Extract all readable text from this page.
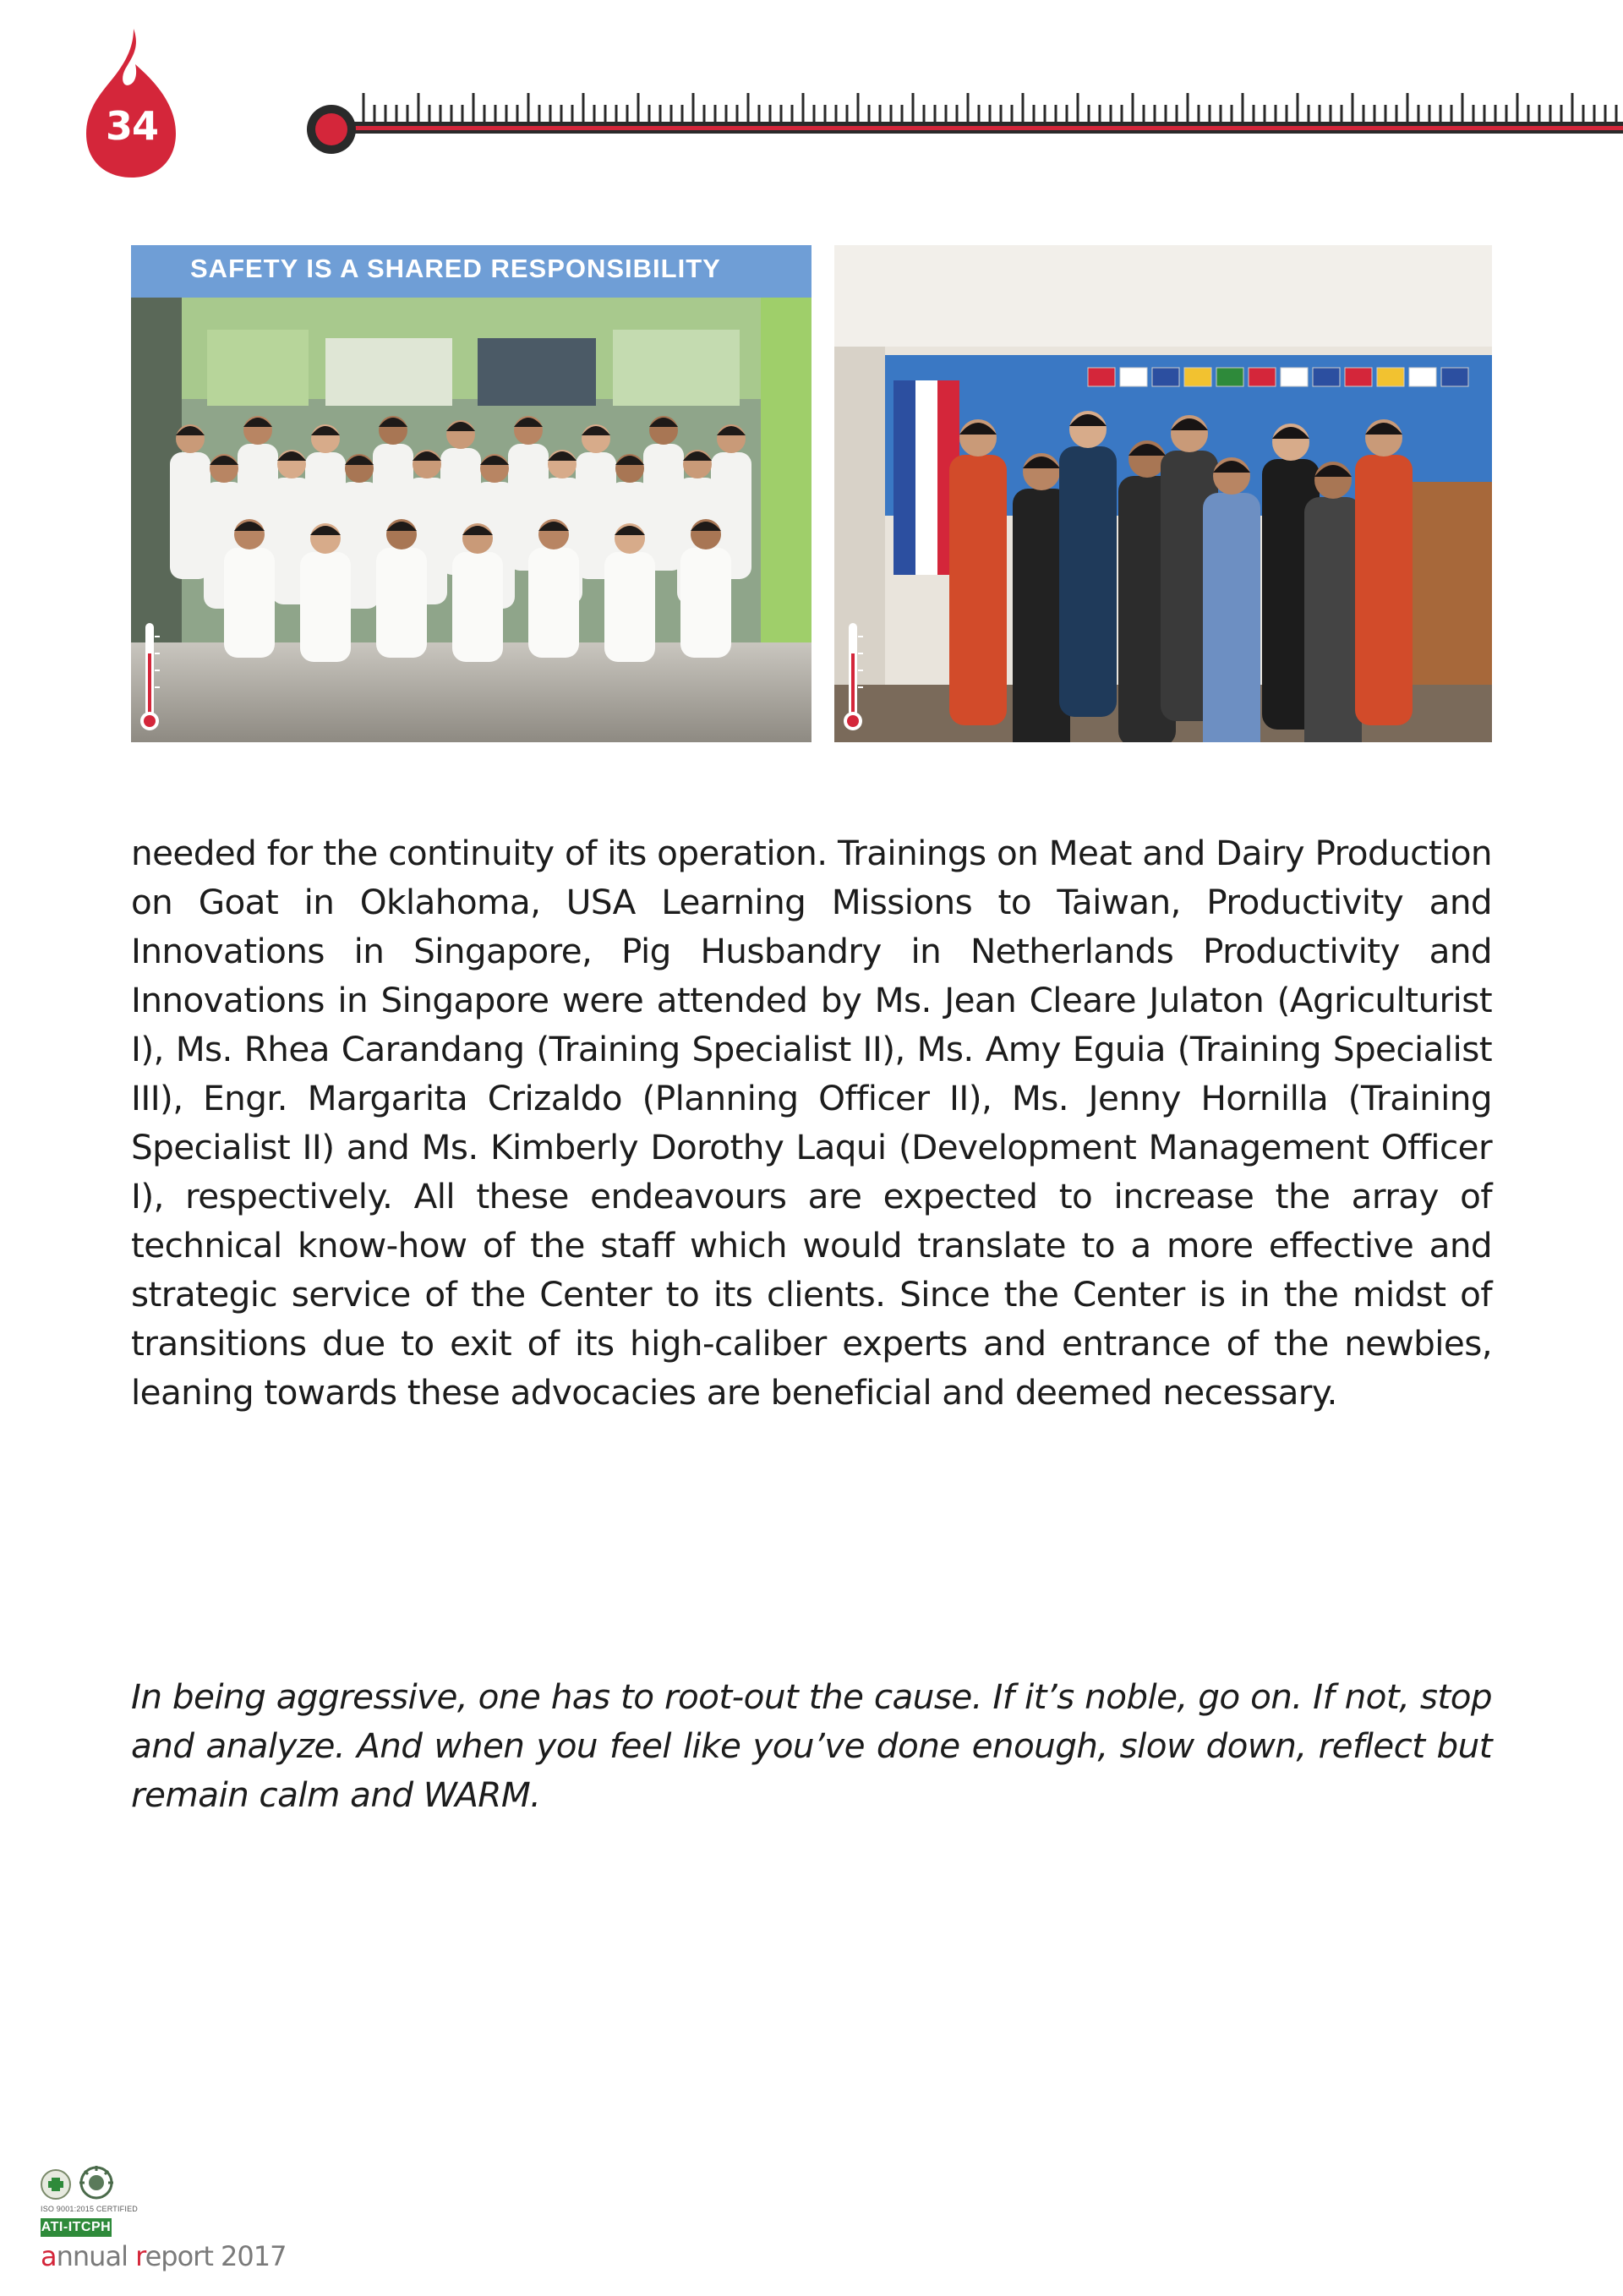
34
SAFETY IS A SHARED RESPONSIBILITY

needed for the continuity of its operation. Trainings on Meat and Dairy Production on Goat in Oklahoma, USA Learning Missions to Taiwan, Productivity and Innovations in Singapore, Pig Husbandry in Netherlands Productivity and Innovations in Singapore were attended by Ms. Jean Cleare Julaton (Agriculturist I), Ms. Rhea Carandang (Training Specialist II), Ms. Amy Eguia (Training Specialist III), Engr. Margarita Crizaldo (Planning Officer II), Ms. Jenny Hornilla (Training Specialist II) and Ms. Kimberly Dorothy Laqui (Development Management Officer I), respectively. All these endeavours are expected to increase the array of technical know-how of the staff which would translate to a more effective and strategic service of the Center to its clients. Since the Center is in the midst of transitions due to exit of its high-caliber experts and entrance of the newbies, leaning towards these advocacies are beneficial and deemed necessary.

In being aggressive, one has to root-out the cause. If it’s noble, go on. If not, stop and analyze. And when you feel like you’ve done enough, slow down, reflect but remain calm and WARM.

ISO 9001:2015 CERTIFIED
ATI-ITCPH
annual report 2017
